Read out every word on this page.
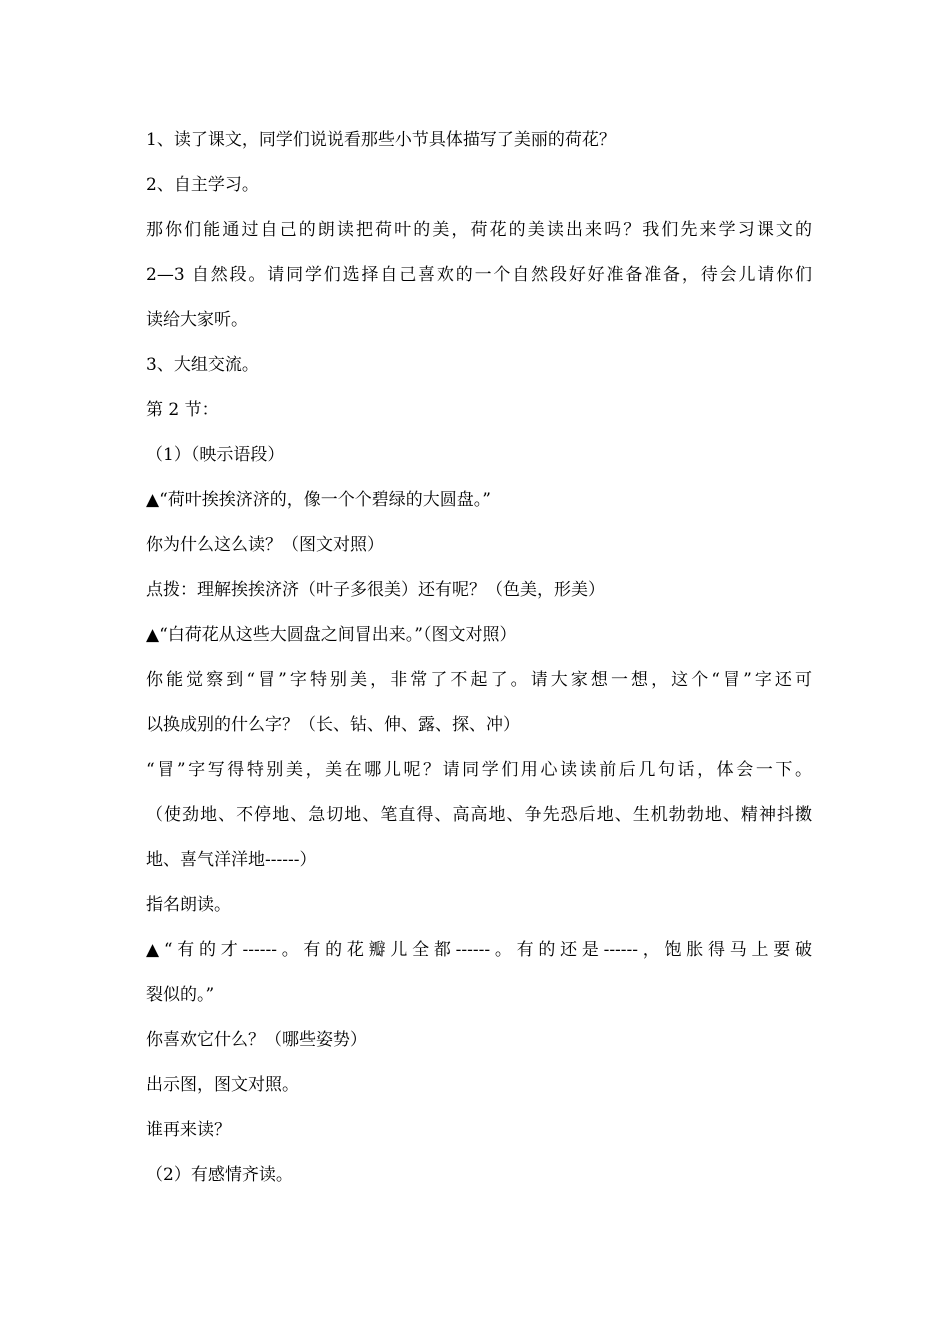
1、读了课文，同学们说说看那些小节具体描写了美丽的荷花？
2、自主学习。
那你们能通过自己的朗读把荷叶的美，荷花的美读出来吗？我们先来学习课文的
2—3 自然段。请同学们选择自己喜欢的一个自然段好好准备准备，待会儿请你们
读给大家听。
3、大组交流。
第 2 节：
（1）（映示语段）
▲“荷叶挨挨济济的，像一个个碧绿的大圆盘。”
你为什么这么读？（图文对照）
点拨：理解挨挨济济（叶子多很美）还有呢？（色美，形美）
▲“白荷花从这些大圆盘之间冒出来。”（图文对照）
你能觉察到“冒”字特别美，非常了不起了。请大家想一想，这个“冒”字还可
以换成别的什么字？（长、钻、伸、露、探、冲）
“冒”字写得特别美，美在哪儿呢？请同学们用心读读前后几句话，体会一下。
（使劲地、不停地、急切地、笔直得、高高地、争先恐后地、生机勃勃地、精神抖擞
地、喜气洋洋地------）
指名朗读。
▲“有的才------。有的花瓣儿全都------。有的还是------，饱胀得马上要破
裂似的。”
你喜欢它什么？（哪些姿势）
出示图，图文对照。
谁再来读？
（2）有感情齐读。
